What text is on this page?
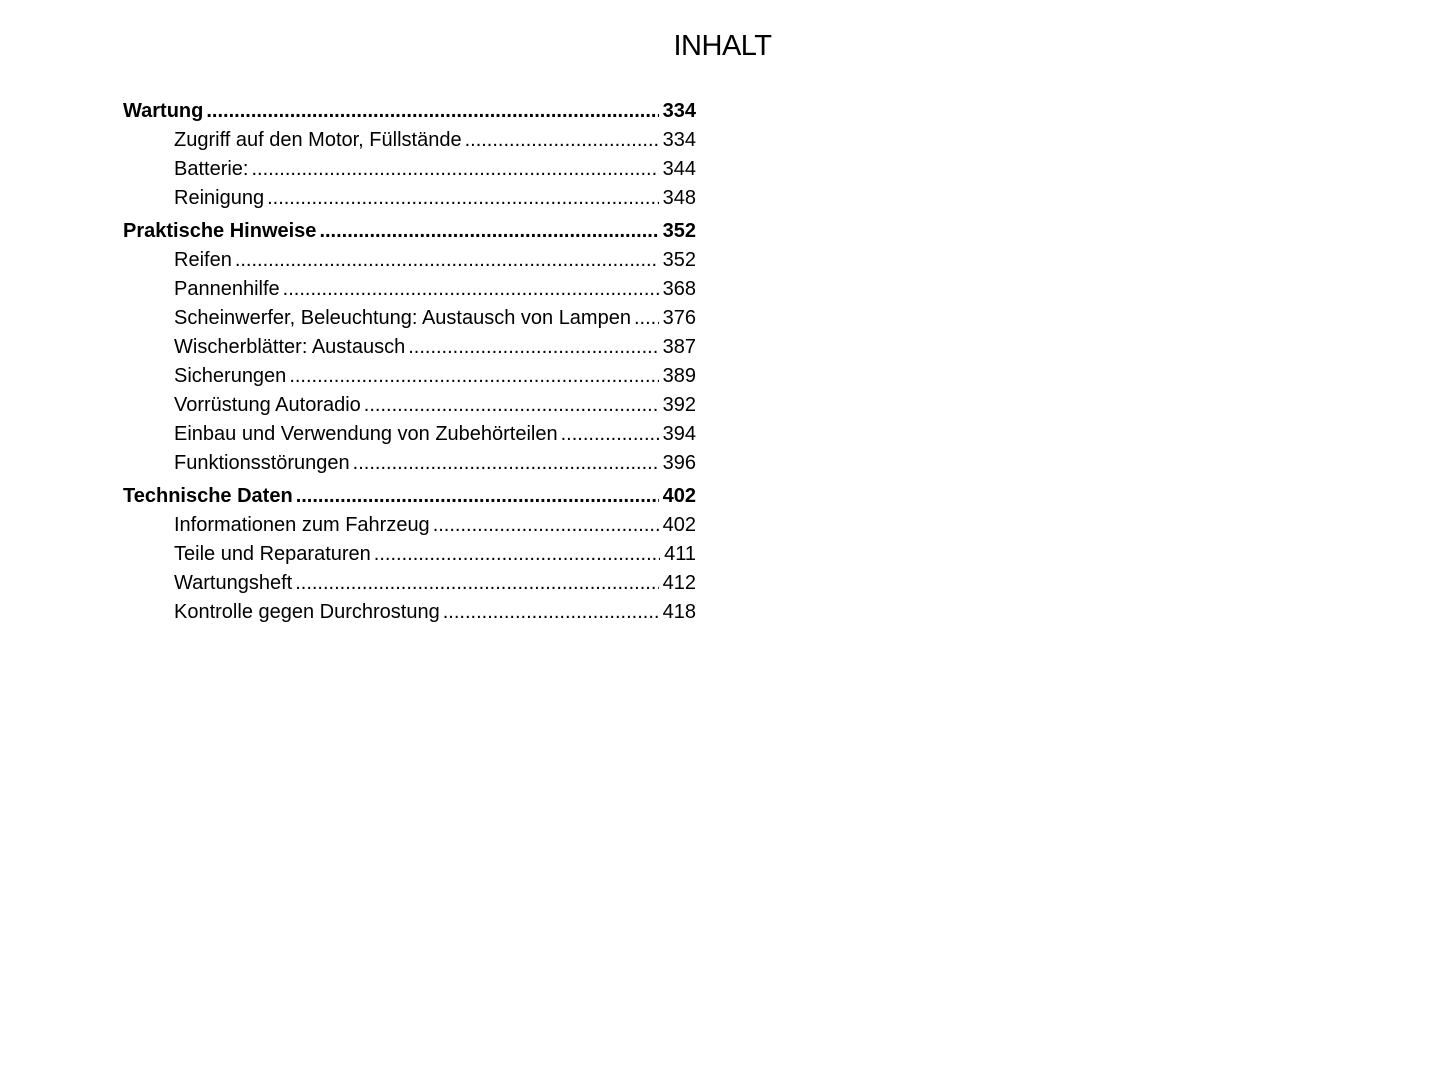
INHALT
Wartung .....	334
Zugriff auf den Motor, Füllstände .....	334
Batterie: .....	344
Reinigung .....	348
Praktische Hinweise .....	352
Reifen .....	352
Pannenhilfe .....	368
Scheinwerfer, Beleuchtung: Austausch von Lampen ..... 376
Wischerblätter: Austausch .....	387
Sicherungen .....	389
Vorrüstung Autoradio .....	392
Einbau und Verwendung von Zubehörteilen .....	394
Funktionsstörungen .....	396
Technische Daten .....	402
Informationen zum Fahrzeug .....	402
Teile und Reparaturen .....	411
Wartungsheft .....	412
Kontrolle gegen Durchrostung .....	418
